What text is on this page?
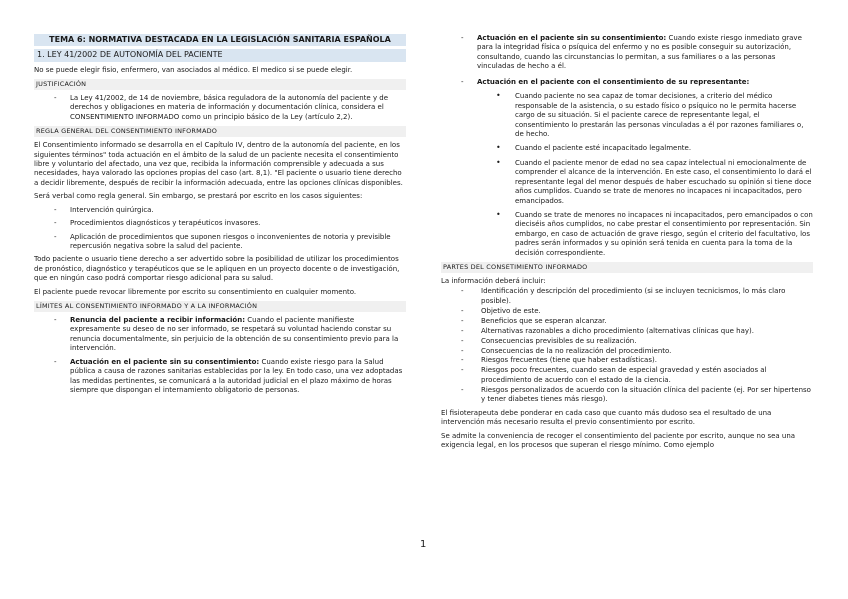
TEMA 6: NORMATIVA DESTACADA EN LA LEGISLACIÓN SANITARIA ESPAÑOLA
1. LEY 41/2002 DE AUTONOMÍA DEL PACIENTE

No se puede elegir fisio, enfermero, van asociados al médico. El medico si se puede elegir.

JUSTIFICACIÓN
- La Ley 41/2002, de 14 de noviembre, básica reguladora de la autonomía del paciente y de derechos y obligaciones en materia de información y documentación clínica, considera el CONSENTIMIENTO INFORMADO como un principio básico de la Ley (artículo 2,2).
REGLA GENERAL DEL CONSENTIMIENTO INFORMADO

El Consentimiento informado se desarrolla en el Capítulo IV, dentro de la autonomía del paciente, en los siguientes términos" toda actuación en el ámbito de la salud de un paciente necesita el consentimiento libre y voluntario del afectado, una vez que, recibida la información comprensible y adecuada a sus necesidades, haya valorado las opciones propias del caso (art. 8,1). "El paciente o usuario tiene derecho a decidir libremente, después de recibir la información adecuada, entre las opciones clínicas disponibles.

Será verbal como regla general. Sin embargo, se prestará por escrito en los casos siguientes:

- Intervención quirúrgica.
- Procedimientos diagnósticos y terapéuticos invasores.
- Aplicación de procedimientos que suponen riesgos o inconvenientes de notoria y previsible repercusión negativa sobre la salud del paciente.

Todo paciente o usuario tiene derecho a ser advertido sobre la posibilidad de utilizar los procedimientos de pronóstico, diagnóstico y terapéuticos que se le apliquen en un proyecto docente o de investigación, que en ningún caso podrá comportar riesgo adicional para su salud.

El paciente puede revocar libremente por escrito su consentimiento en cualquier momento.

LÍMITES AL CONSENTIMIENTO INFORMADO Y A LA INFORMACIÓN
- Renuncia del paciente a recibir información: Cuando el paciente manifieste expresamente su deseo de no ser informado, se respetará su voluntad haciendo constar su renuncia documentalmente, sin perjuicio de la obtención de su consentimiento previo para la intervención.
- Actuación en el paciente sin su consentimiento: Cuando existe riesgo para la Salud pública a causa de razones sanitarias establecidas por la ley. En todo caso, una vez adoptadas las medidas pertinentes, se comunicará a la autoridad judicial en el plazo máximo de horas siempre que dispongan el internamiento obligatorio de personas.
- Actuación en el paciente sin su consentimiento: Cuando existe riesgo inmediato grave para la integridad física o psíquica del enfermo y no es posible conseguir su autorización, consultando, cuando las circunstancias lo permitan, a sus familiares o a las personas vinculadas de hecho a él.
- Actuación en el paciente con el consentimiento de su representante:
• Cuando paciente no sea capaz de tomar decisiones, a criterio del médico responsable de la asistencia, o su estado físico o psíquico no le permita hacerse cargo de su situación. Si el paciente carece de representante legal, el consentimiento lo prestarán las personas vinculadas a él por razones familiares o, de hecho.
• Cuando el paciente esté incapacitado legalmente.
• Cuando el paciente menor de edad no sea capaz intelectual ni emocionalmente de comprender el alcance de la intervención. En este caso, el consentimiento lo dará el representante legal del menor después de haber escuchado su opinión si tiene doce años cumplidos. Cuando se trate de menores no incapaces ni incapacitados, pero emancipados.
• Cuando se trate de menores no incapaces ni incapacitados, pero emancipados o con dieciséis años cumplidos, no cabe prestar el consentimiento por representación. Sin embargo, en caso de actuación de grave riesgo, según el criterio del facultativo, los padres serán informados y su opinión será tenida en cuenta para la toma de la decisión correspondiente.
PARTES DEL CONSETIMIENTO INFORMADO

La información deberá incluir:

- Identificación y descripción del procedimiento (si se incluyen tecnicismos, lo más claro posible).
- Objetivo de este.
- Beneficios que se esperan alcanzar.
- Alternativas razonables a dicho procedimiento (alternativas clínicas que hay).
- Consecuencias previsibles de su realización.
- Consecuencias de la no realización del procedimiento.
- Riesgos frecuentes (tiene que haber estadísticas).
- Riesgos poco frecuentes, cuando sean de especial gravedad y estén asociados al procedimiento de acuerdo con el estado de la ciencia.
- Riesgos personalizados de acuerdo con la situación clínica del paciente (ej. Por ser hipertenso y tener diabetes tienes más riesgo).

El fisioterapeuta debe ponderar en cada caso que cuanto más dudoso sea el resultado de una intervención más necesario resulta el previo consentimiento por escrito.

Se admite la conveniencia de recoger el consentimiento del paciente por escrito, aunque no sea una exigencia legal, en los procesos que superan el riesgo mínimo. Como ejemplo

1
